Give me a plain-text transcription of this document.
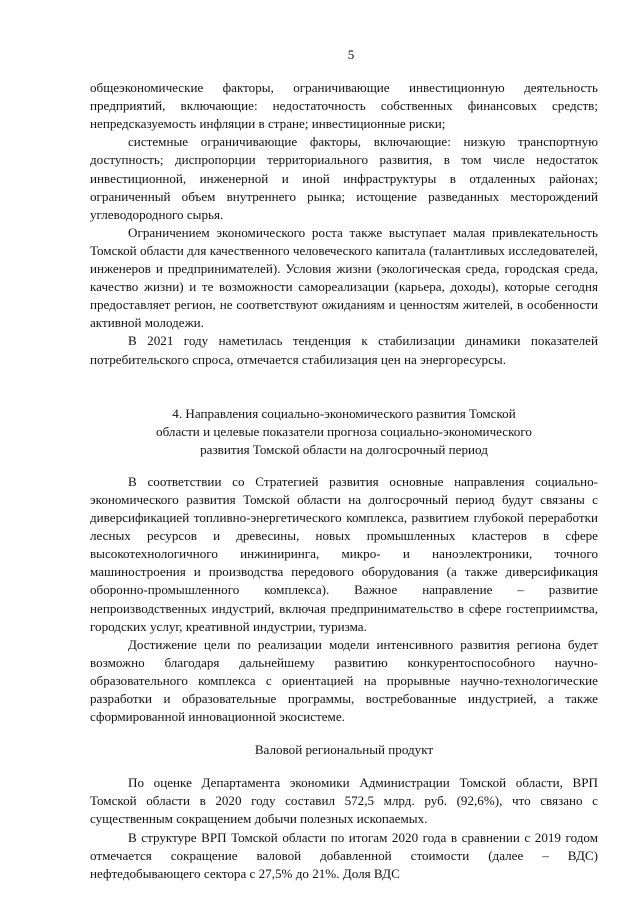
5

общеэкономические факторы, ограничивающие инвестиционную деятельность предприятий, включающие: недостаточность собственных финансовых средств; непредсказуемость инфляции в стране; инвестиционные риски;

системные ограничивающие факторы, включающие: низкую транспортную доступность; диспропорции территориального развития, в том числе недостаток инвестиционной, инженерной и иной инфраструктуры в отдаленных районах; ограниченный объем внутреннего рынка; истощение разведанных месторождений углеводородного сырья.

Ограничением экономического роста также выступает малая привлекательность Томской области для качественного человеческого капитала (талантливых исследователей, инженеров и предпринимателей). Условия жизни (экологическая среда, городская среда, качество жизни) и те возможности самореализации (карьера, доходы), которые сегодня предоставляет регион, не соответствуют ожиданиям и ценностям жителей, в особенности активной молодежи.

В 2021 году наметилась тенденция к стабилизации динамики показателей потребительского спроса, отмечается стабилизация цен на энергоресурсы.

4. Направления социально-экономического развития Томской
области и целевые показатели прогноза социально-экономического
развития Томской области на долгосрочный период

В соответствии со Стратегией развития основные направления социально-экономического развития Томской области на долгосрочный период будут связаны с диверсификацией топливно-энергетического комплекса, развитием глубокой переработки лесных ресурсов и древесины, новых промышленных кластеров в сфере высокотехнологичного инжиниринга, микро- и наноэлектроники, точного машиностроения и производства передового оборудования (а также диверсификация оборонно-промышленного комплекса). Важное направление – развитие непроизводственных индустрий, включая предпринимательство в сфере гостеприимства, городских услуг, креативной индустрии, туризма.

Достижение цели по реализации модели интенсивного развития региона будет возможно благодаря дальнейшему развитию конкурентоспособного научно-образовательного комплекса с ориентацией на прорывные научно-технологические разработки и образовательные программы, востребованные индустрией, а также сформированной инновационной экосистеме.

Валовой региональный продукт

По оценке Департамента экономики Администрации Томской области, ВРП Томской области в 2020 году составил 572,5 млрд. руб. (92,6%), что связано с существенным сокращением добычи полезных ископаемых.

В структуре ВРП Томской области по итогам 2020 года в сравнении с 2019 годом отмечается сокращение валовой добавленной стоимости (далее – ВДС) нефтедобывающего сектора с 27,5% до 21%. Доля ВДС
